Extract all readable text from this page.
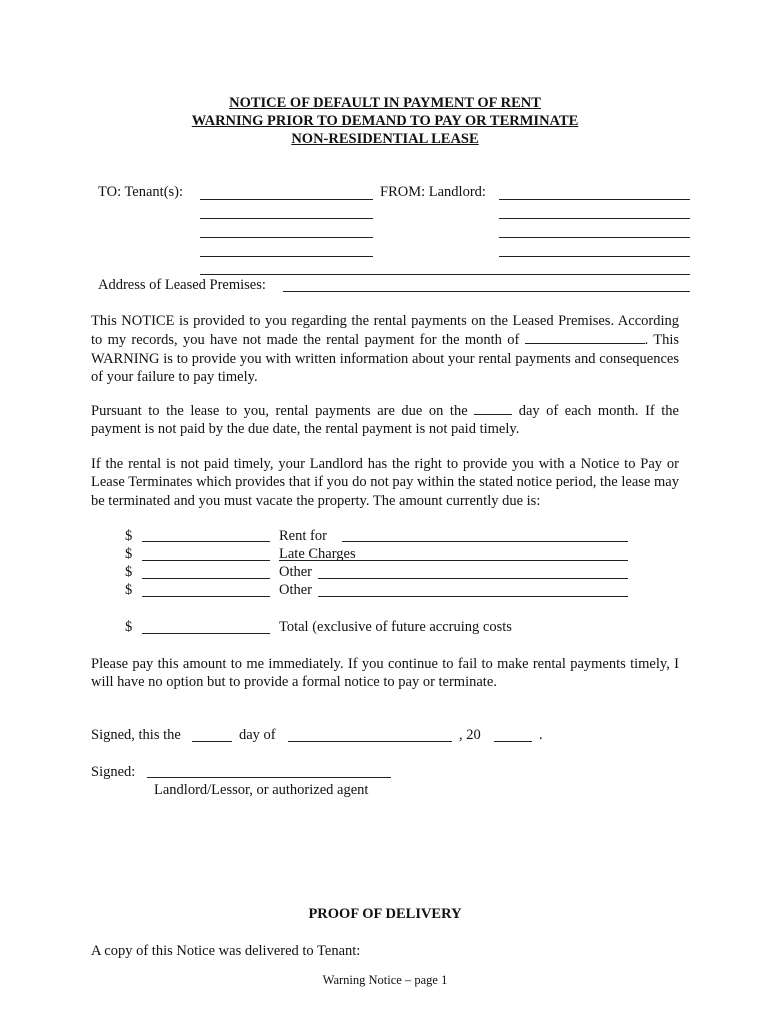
NOTICE OF DEFAULT IN PAYMENT OF RENT
WARNING PRIOR TO DEMAND TO PAY OR TERMINATE
NON-RESIDENTIAL LEASE
TO: Tenant(s):	FROM: Landlord:
Address of Leased Premises:

This NOTICE is provided to you regarding the rental payments on the Leased Premises. According to my records, you have not made the rental payment for the month of	. This WARNING is to provide you with written information about your rental payments and consequences of your failure to pay timely.

Pursuant to the lease to you, rental payments are due on the	day of each month. If the payment is not paid by the due date, the rental payment is not paid timely.

If the rental is not paid timely, your Landlord has the right to provide you with a Notice to Pay or Lease Terminates which provides that if you do not pay within the stated notice period, the lease may be terminated and you must vacate the property. The amount currently due is:

$	Rent for
$	Late Charges
$	Other
$	Other
$	Total (exclusive of future accruing costs

Please pay this amount to me immediately. If you continue to fail to make rental payments timely, I will have no option but to provide a formal notice to pay or terminate.

Signed, this the	day of	, 20	.
Signed:
Landlord/Lessor, or authorized agent
PROOF OF DELIVERY
A copy of this Notice was delivered to Tenant:
Warning Notice – page 1
